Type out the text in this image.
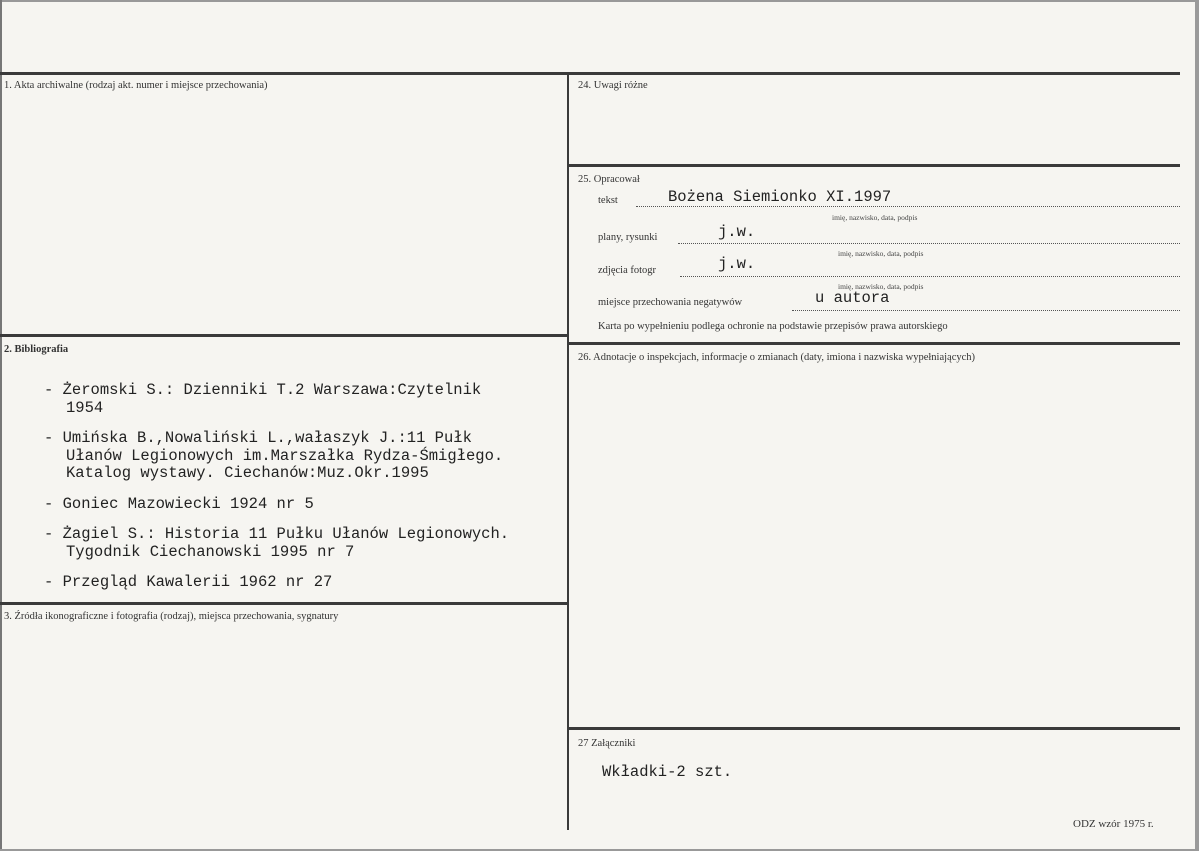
1. Akta archiwalne (rodzaj akt. numer i miejsce przechowania)
2. Bibliografia
- Żeromski S.: Dzienniki T.2 Warszawa:Czytelnik
1954
- Umińska B.,Nowaliński L.,wałaszyk J.:11 Pułk
Ułanów Legionowych im.Marszałka Rydza-Śmigłego.
Katalog wystawy. Ciechanów:Muz.Okr.1995
- Goniec Mazowiecki 1924 nr 5
- Żagiel S.: Historia 11 Pułku Ułanów Legionowych.
Tygodnik Ciechanowski 1995 nr 7
- Przegląd Kawalerii 1962 nr 27
3. Źródła ikonograficzne i fotografia (rodzaj), miejsca przechowania, sygnatury
24. Uwagi różne
25. Opracował
tekst	Bożena Siemionko XI.1997
imię, nazwisko, data, podpis
plany, rysunki	j.w.
imię, nazwisko, data, podpis
zdjęcia fotogr	j.w.
imię, nazwisko, data, podpis
miejsce przechowania negatywów	u autora
Karta po wypełnieniu podlega ochronie na podstawie przepisów prawa autorskiego
26. Adnotacje o inspekcjach, informacje o zmianach (daty, imiona i nazwiska wypełniających)
27 Załączniki
Wkładki-2 szt.
ODZ wzór 1975 r.
